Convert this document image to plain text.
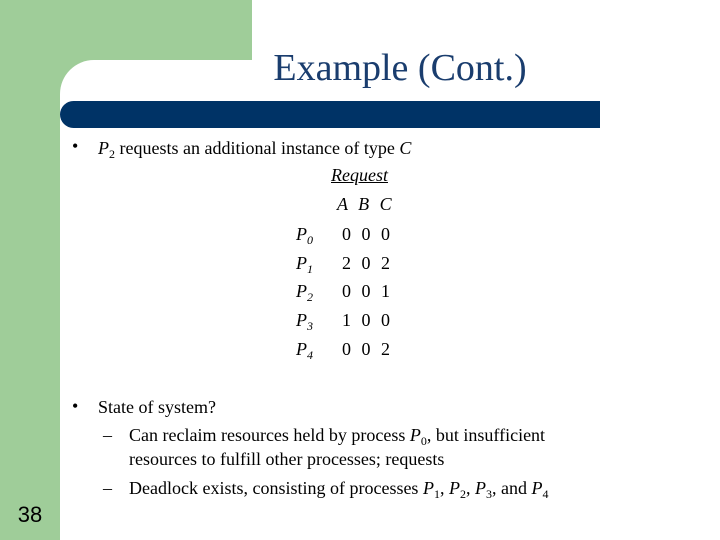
Example (Cont.)
• $P_2$ requests an additional instance of type C
Request
A B C
$P_0$ 0 0 0
$P_1$ 2 0 2
$P_2$ 0 0 1
$P_3$ 1 0 0
$P_4$ 0 0 2
• State of system?
– Can reclaim resources held by process $P_0$, but insufficient
resources to fulfill other processes; requests
– Deadlock exists, consisting of processes $P_1$, $P_2$, $P_3$, and $P_4$
38
